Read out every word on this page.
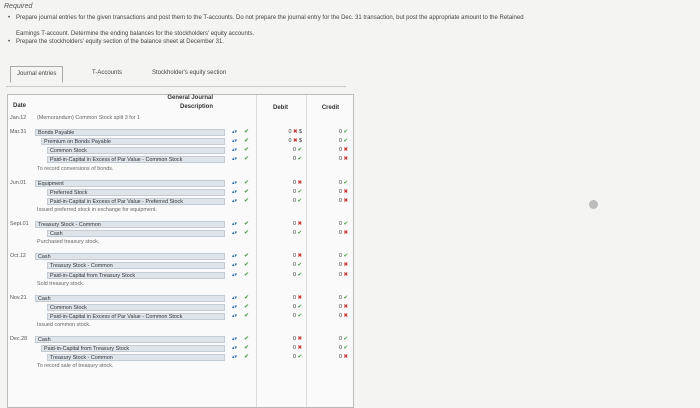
Required
• Prepare journal entries for the given transactions and post them to the T-accounts. Do not prepare the journal entry for the Dec. 31 transaction, but post the appropriate amount to the Retained
Earnings T-account. Determine the ending balances for the stockholders' equity accounts.
• Prepare the stockholders' equity section of the balance sheet at December 31.
Journal entries	T-Accounts	Stockholder's equity section
General Journal
Date	Description	Debit	Credit
Jan.12	(Memorandum) Common Stock split 3 for 1
Mar.31	Bonds Payable	▴▾ ✔	0 ✖ $	0 ✔
Premium on Bonds Payable	▴▾ ✔	0 ✖ $	0 ✔
Common Stock	▴▾ ✔	0 ✔	0 ✖
Paid-in-Capital in Excess of Par Value - Common Stock	▴▾ ✔	0 ✔	0 ✖
To record conversions of bonds.
Jun.01	Equipment	▴▾ ✔	0 ✖	0 ✔
Preferred Stock	▴▾ ✔	0 ✔	0 ✖
Paid-in-Capital in Excess of Par Value - Preferred Stock	▴▾ ✔	0 ✔	0 ✖
Issued preferred stock in exchange for equipment.
Sept.01	Treasury Stock - Common	▴▾ ✔	0 ✖	0 ✔
Cash	▴▾ ✔	0 ✔	0 ✖
Purchased treasury stock.
Oct.12	Cash	▴▾ ✔	0 ✖	0 ✔
Treasury Stock - Common	▴▾ ✔	0 ✔	0 ✖
Paid-in-Capital from Treasury Stock	▴▾ ✔	0 ✔	0 ✖
Sold treasury stock.
Nov.21	Cash	▴▾ ✔	0 ✖	0 ✔
Common Stock	▴▾ ✔	0 ✔	0 ✖
Paid-in-Capital in Excess of Par Value - Common Stock	▴▾ ✔	0 ✔	0 ✖
Issued common stock.
Dec.28	Cash	▴▾ ✔	0 ✖	0 ✔
Paid-in-Capital from Treasury Stock	▴▾ ✔	0 ✖	0 ✔
Treasury Stock - Common	▴▾ ✔	0 ✔	0 ✖
To record sale of treasury stock.
